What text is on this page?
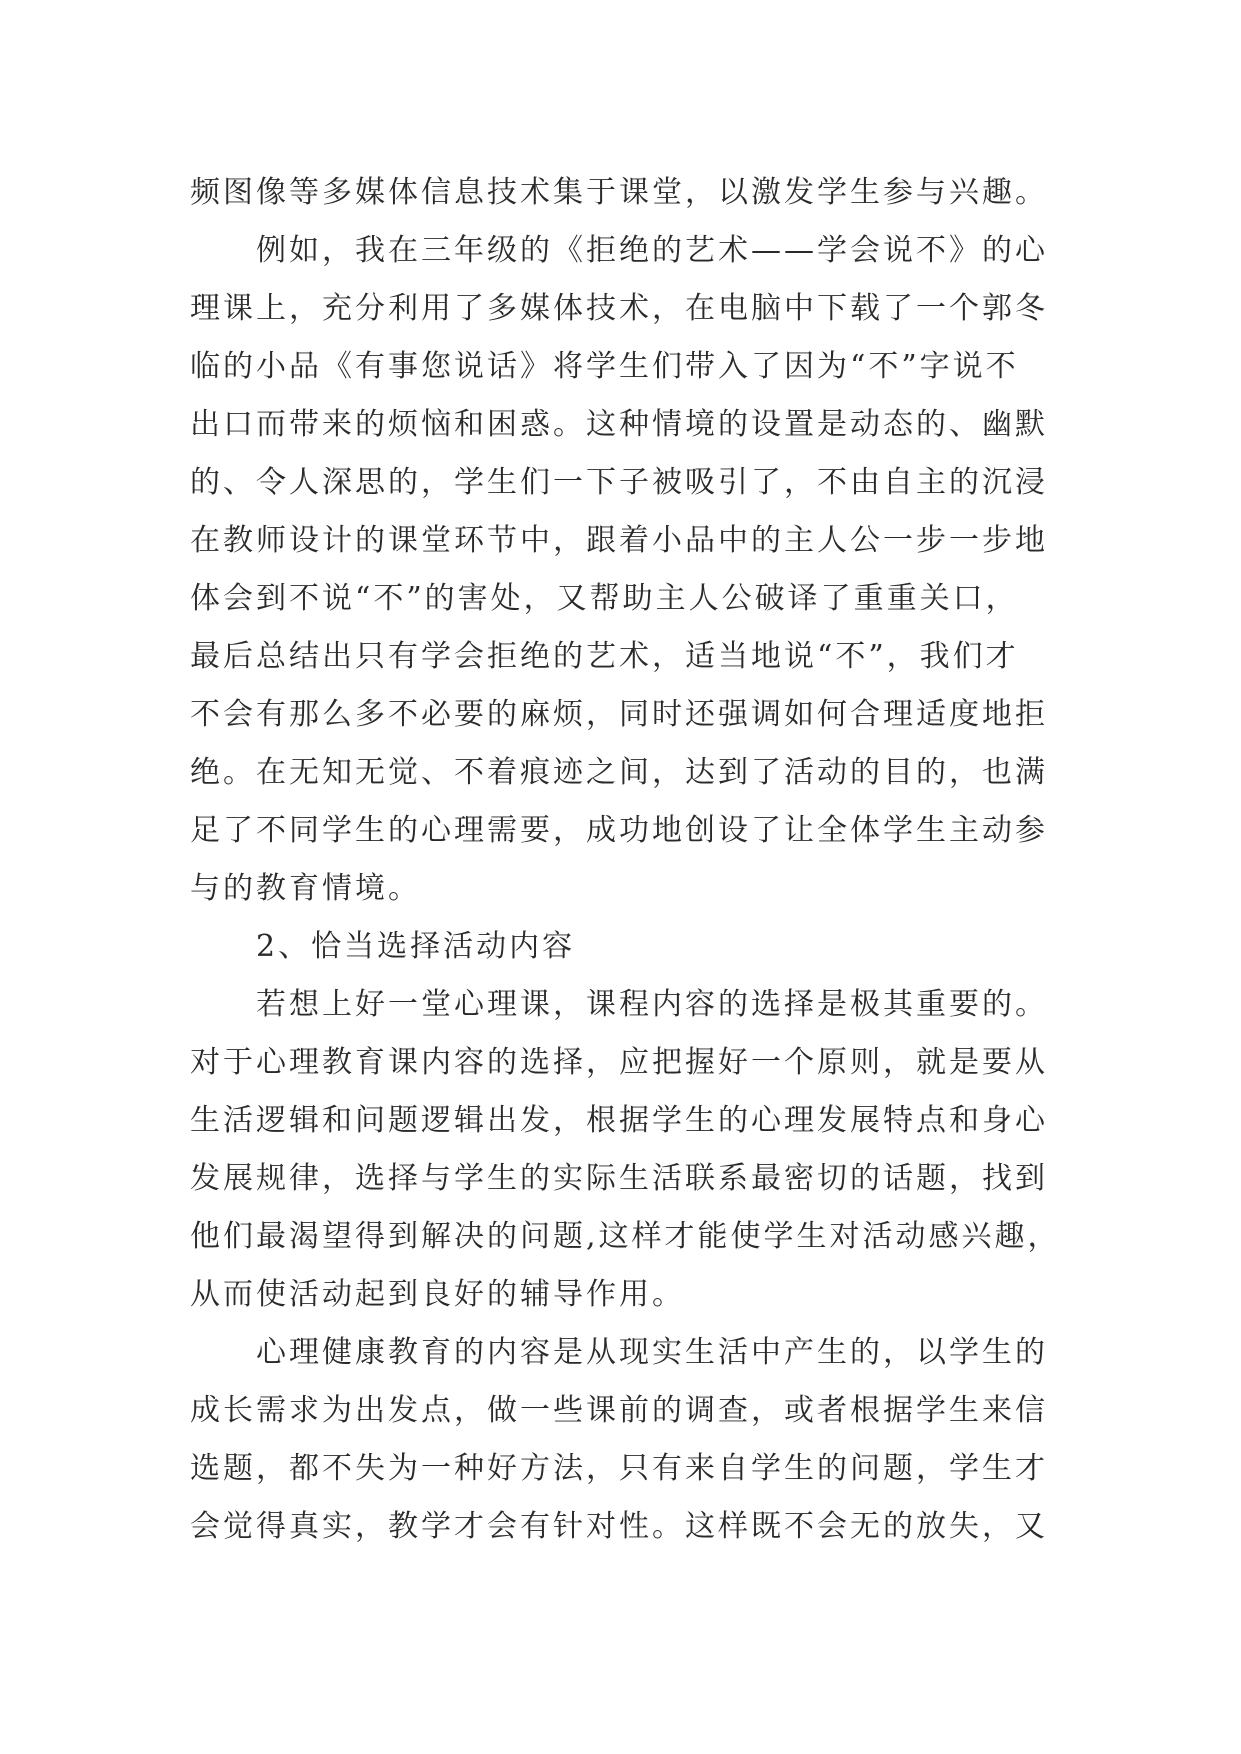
频图像等多媒体信息技术集于课堂，以激发学生参与兴趣。
　　例如，我在三年级的《拒绝的艺术——学会说不》的心
理课上，充分利用了多媒体技术，在电脑中下载了一个郭冬
临的小品《有事您说话》将学生们带入了因为“不”字说不
出口而带来的烦恼和困惑。这种情境的设置是动态的、幽默
的、令人深思的，学生们一下子被吸引了，不由自主的沉浸
在教师设计的课堂环节中，跟着小品中的主人公一步一步地
体会到不说“不”的害处，又帮助主人公破译了重重关口，
最后总结出只有学会拒绝的艺术，适当地说“不”，我们才
不会有那么多不必要的麻烦，同时还强调如何合理适度地拒
绝。在无知无觉、不着痕迹之间，达到了活动的目的，也满
足了不同学生的心理需要，成功地创设了让全体学生主动参
与的教育情境。
　　2、恰当选择活动内容
　　若想上好一堂心理课，课程内容的选择是极其重要的。
对于心理教育课内容的选择，应把握好一个原则，就是要从
生活逻辑和问题逻辑出发，根据学生的心理发展特点和身心
发展规律，选择与学生的实际生活联系最密切的话题，找到
他们最渴望得到解决的问题,这样才能使学生对活动感兴趣，
从而使活动起到良好的辅导作用。
　　心理健康教育的内容是从现实生活中产生的，以学生的
成长需求为出发点，做一些课前的调查，或者根据学生来信
选题，都不失为一种好方法，只有来自学生的问题，学生才
会觉得真实，教学才会有针对性。这样既不会无的放失，又
